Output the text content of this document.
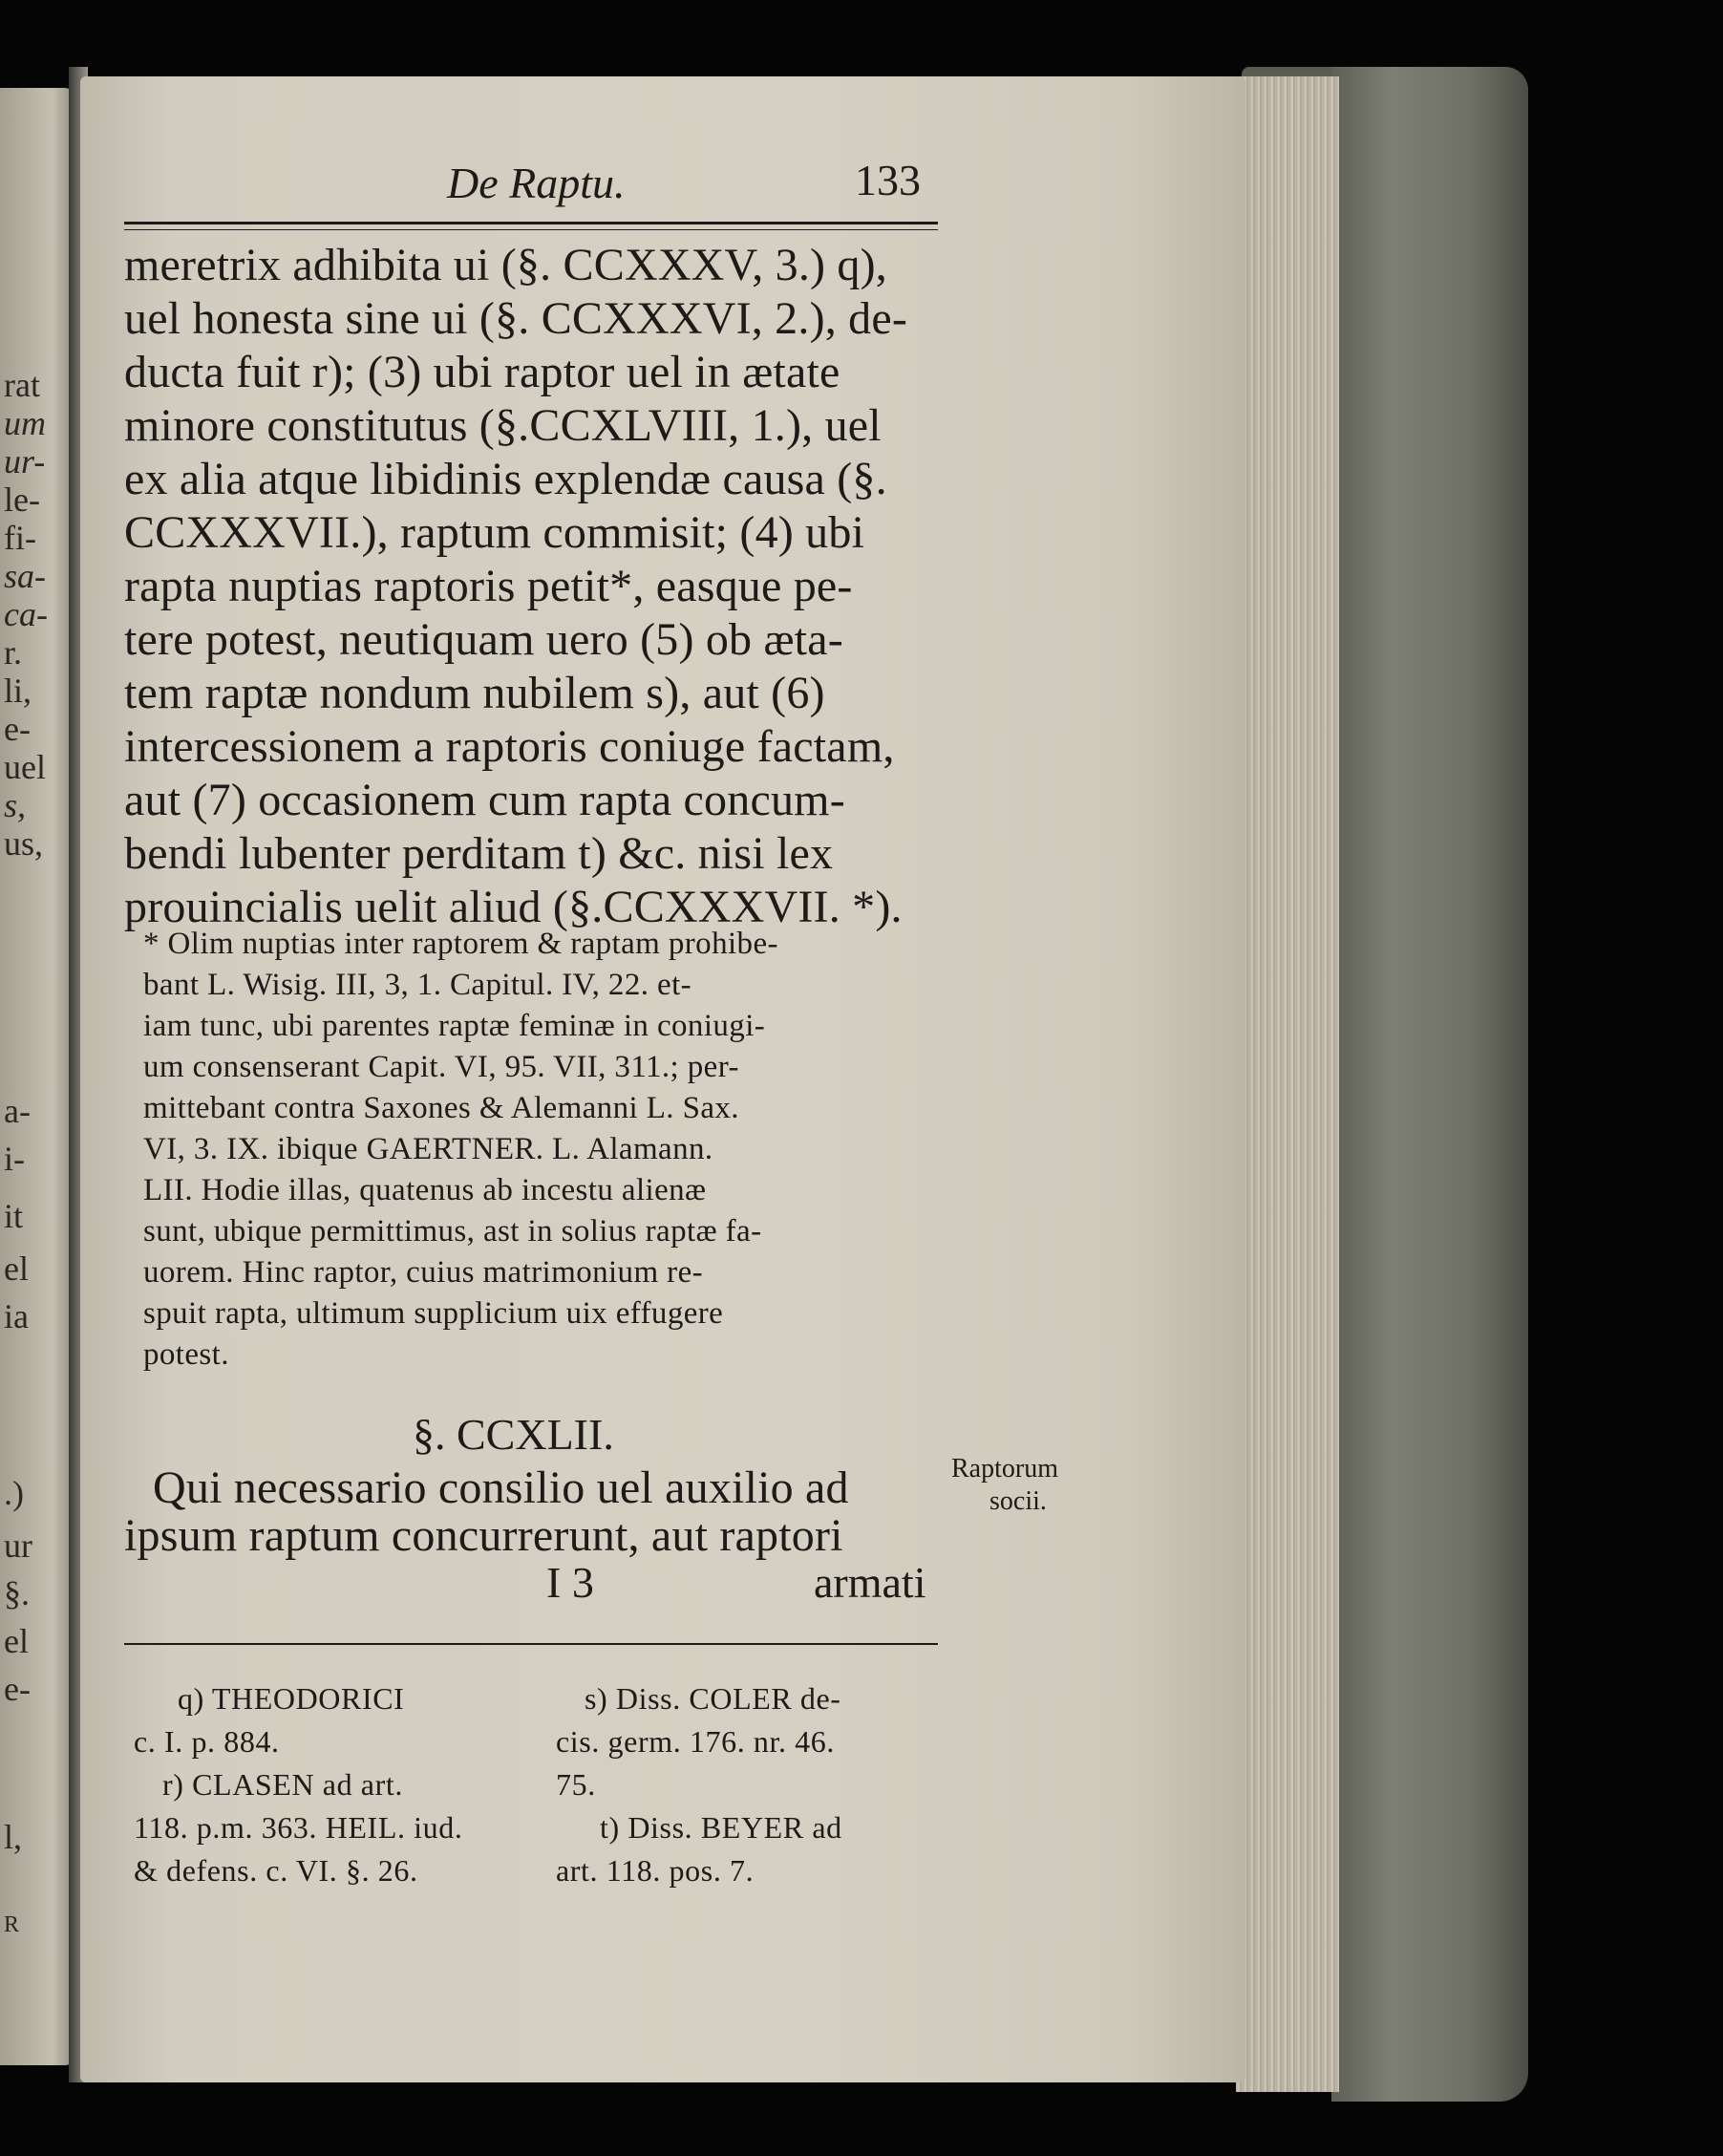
rat
um
ur-
le-
fi-
sa-
ca-
r.
li,
e-
uel
s,
us,
a-
i-
it
el
ia
.)
ur
§.
el
e-
l,
R
De Raptu.	133
meretrix adhibita ui (§. CCXXXV, 3.) q),
uel honesta sine ui (§. CCXXXVI, 2.), de-
ducta fuit r); (3) ubi raptor uel in ætate
minore constitutus (§.CCXLVIII, 1.), uel
ex alia atque libidinis explendæ causa (§.
CCXXXVII.), raptum commisit; (4) ubi
rapta nuptias raptoris petit*, easque pe-
tere potest, neutiquam uero (5) ob æta-
tem raptæ nondum nubilem s), aut (6)
intercessionem a raptoris coniuge factam,
aut (7) occasionem cum rapta concum-
bendi lubenter perditam t) &c. nisi lex
prouincialis uelit aliud (§.CCXXXVII. *).
* Olim nuptias inter raptorem & raptam prohibe-
bant L. Wisig. III, 3, 1. Capitul. IV, 22. et-
iam tunc, ubi parentes raptæ feminæ in coniugi-
um consenserant Capit. VI, 95. VII, 311.; per-
mittebant contra Saxones & Alemanni L. Sax.
VI, 3. IX. ibique GAERTNER. L. Alamann.
LII. Hodie illas, quatenus ab incestu alienæ
sunt, ubique permittimus, ast in solius raptæ fa-
uorem. Hinc raptor, cuius matrimonium re-
spuit rapta, ultimum supplicium uix effugere
potest.
§. CCXLII.
Qui necessario consilio uel auxilio ad
ipsum raptum concurrerunt, aut raptori
Raptorum
socii.
I 3	armati
q) THEODORICI
c. I. p. 884.
r) CLASEN ad art.
118. p.m. 363. HEIL. iud.
& defens. c. VI. §. 26.
s) Diss. COLER de-
cis. germ. 176. nr. 46.
75.
t) Diss. BEYER ad
art. 118. pos. 7.
